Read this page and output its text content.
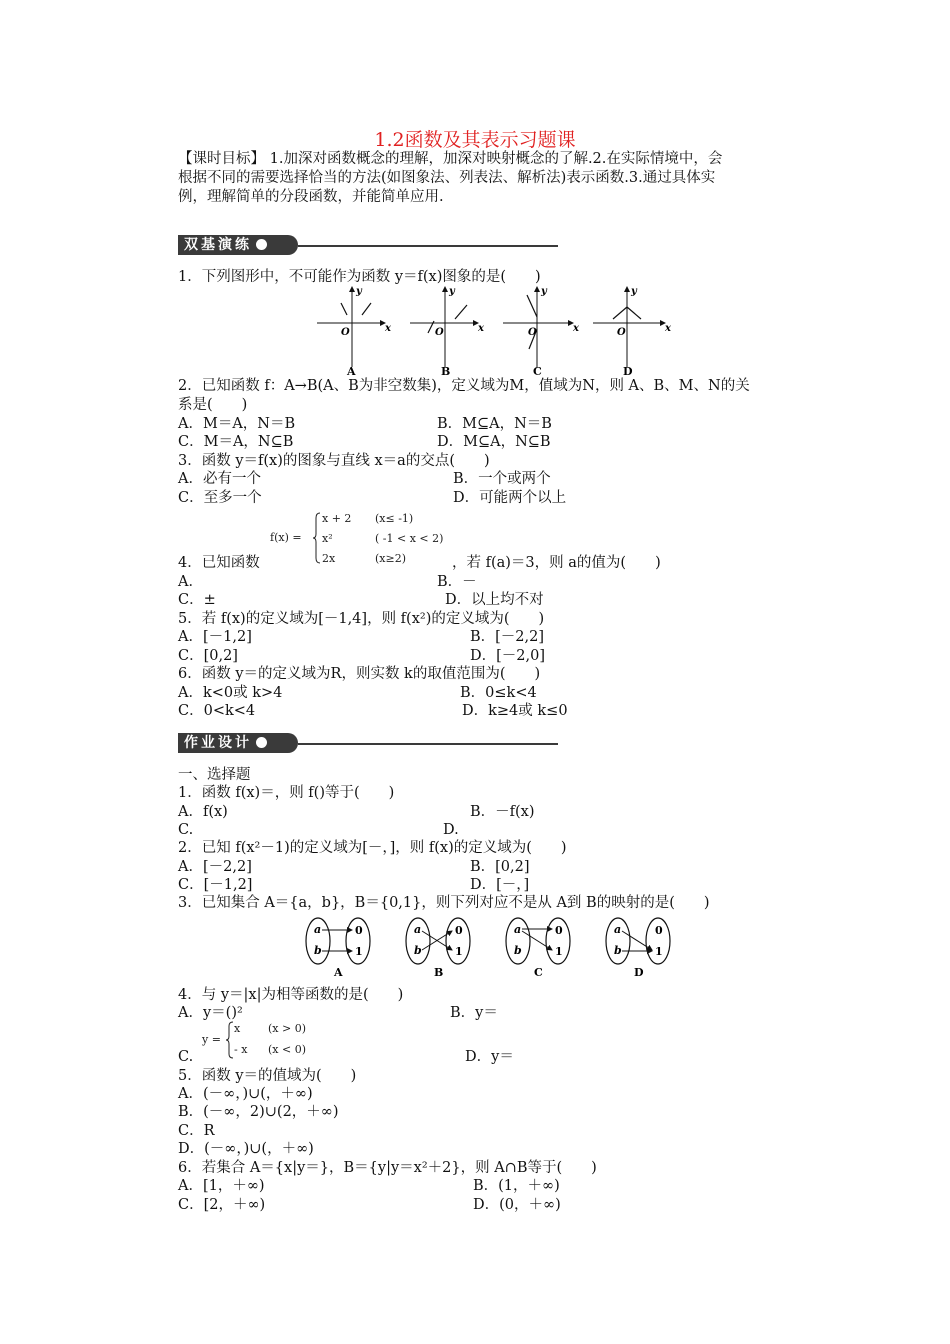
1.2函数及其表示习题课
【课时目标】 1.加深对函数概念的理解，加深对映射概念的了解.2.在实际情境中，会
根据不同的需要选择恰当的方法(如图象法、列表法、解析法)表示函数.3.通过具体实
例，理解简单的分段函数，并能简单应用.
双基演练
1．下列图形中，不可能作为函数 y＝f(x)图象的是(　　)
x
y
O
A
x
y
O
B
x
y
O
C
x
y
O
D
2．已知函数 f：A→B(A、B为非空数集)，定义域为M，值域为N，则 A、B、M、N的关
系是(　　)
A．M＝A，N＝B	B．M⊆A，N＝B
C．M＝A，N⊆B	D．M⊆A，N⊆B
3．函数 y＝f(x)的图象与直线 x＝a的交点(　　)
A．必有一个	B．一个或两个
C．至多一个	D．可能两个以上
f(x) =
x + 2 (x≤ -1)
x²	( -1 < x < 2)
2x	(x≥2)
4．已知函数	，若 f(a)＝3，则 a的值为(　　)
A．	B．－
C．±	D．以上均不对
5．若 f(x)的定义域为[－1,4]，则 f(x²)的定义域为(　　)
A．[－1,2]	B．[－2,2]
C．[0,2]	D．[－2,0]
6．函数 y＝的定义域为R，则实数 k的取值范围为(　　)
A．k<0或 k>4	B．0≤k<4
C．0<k<4	D．k≥4或 k≤0
作业设计
一、选择题
1．函数 f(x)＝，则 f()等于(　　)
A．f(x)	B．－f(x)
C.	D.
2．已知 f(x²－1)的定义域为[－，]，则 f(x)的定义域为(　　)
A．[－2,2]	B．[0,2]
C．[－1,2]	D．[－，]
3．已知集合 A＝{a，b}，B＝{0,1}，则下列对应不是从 A到 B的映射的是(　　)
a
b
0
1
A
a
b
0
1
B
a
b
0
1
C
a
b
0
1
D
4．与 y＝|x|为相等函数的是(　　)
A．y＝()²	B．y＝
y =
x	(x > 0)
- x (x < 0)
C.	D．y＝
5．函数 y＝的值域为(　　)
A．(－∞，)∪(，＋∞)
B．(－∞，2)∪(2，＋∞)
C．R
D．(－∞，)∪(，＋∞)
6．若集合 A＝{x|y＝}，B＝{y|y＝x²＋2}，则 A∩B等于(　　)
A．[1，＋∞)	B．(1，＋∞)
C．[2，＋∞)	D．(0，＋∞)
